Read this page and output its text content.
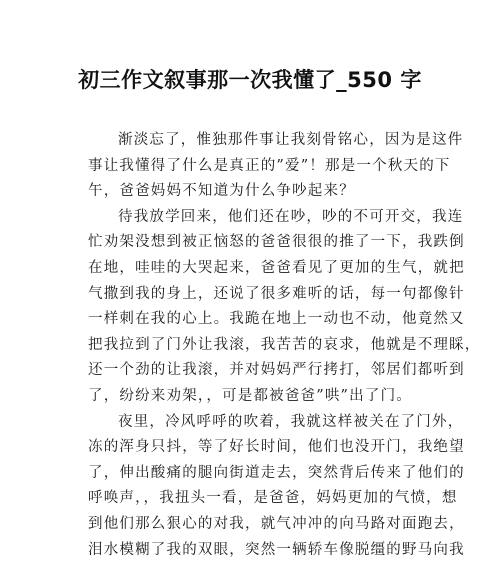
初三作文叙事那一次我懂了_550 字
渐淡忘了，惟独那件事让我刻骨铭心，因为是这件
事让我懂得了什么是真正的”爱”！那是一个秋天的下
午，爸爸妈妈不知道为什么争吵起来？
待我放学回来，他们还在吵，吵的不可开交，我连
忙劝架没想到被正恼怒的爸爸很很的推了一下，我跌倒
在地，哇哇的大哭起来，爸爸看见了更加的生气，就把
气撒到我的身上，还说了很多难听的话，每一句都像针
一样刺在我的心上。我跪在地上一动也不动，他竟然又
把我拉到了门外让我滚，我苦苦的哀求，他就是不理睬，
还一个劲的让我滚，并对妈妈严行拷打，邻居们都听到
了，纷纷来劝架，，可是都被爸爸”哄”出了门。
夜里，冷风呼呼的吹着，我就这样被关在了门外，
冻的浑身只抖，等了好长时间，他们也没开门，我绝望
了，伸出酸痛的腿向街道走去，突然背后传来了他们的
呼唤声，，我扭头一看，是爸爸，妈妈更加的气愤，想
到他们那么狠心的对我，就气冲冲的向马路对面跑去，
泪水模糊了我的双眼，突然一辆轿车像脱缰的野马向我
